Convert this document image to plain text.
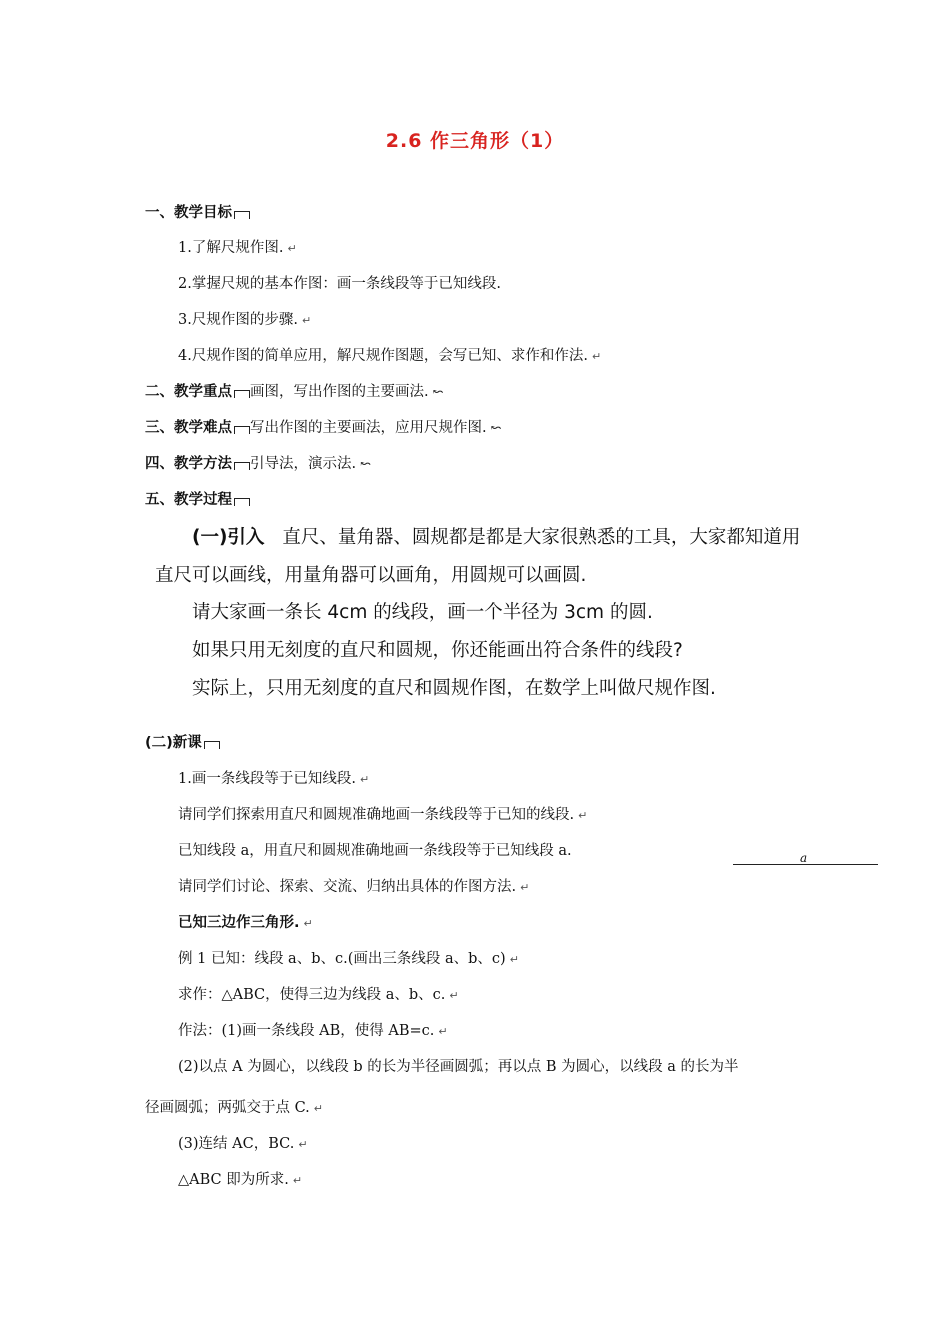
2.6 作三角形（1）
一、教学目标
1.了解尺规作图. ↵
2.掌握尺规的基本作图：画一条线段等于已知线段.
3.尺规作图的步骤. ↵
4.尺规作图的简单应用，解尺规作图题，会写已知、求作和作法. ↵
二、教学重点 画图，写出作图的主要画法. ↜
三、教学难点 写出作图的主要画法，应用尺规作图. ↜
四、教学方法 引导法，演示法. ↜
五、教学过程
(一)引入 直尺、量角器、圆规都是都是大家很熟悉的工具，大家都知道用
直尺可以画线，用量角器可以画角，用圆规可以画圆.
请大家画一条长 4cm 的线段，画一个半径为 3cm 的圆.
如果只用无刻度的直尺和圆规，你还能画出符合条件的线段?
实际上，只用无刻度的直尺和圆规作图，在数学上叫做尺规作图.
(二)新课
1.画一条线段等于已知线段. ↵
请同学们探索用直尺和圆规准确地画一条线段等于已知的线段. ↵
已知线段 a，用直尺和圆规准确地画一条线段等于已知线段 a.
请同学们讨论、探索、交流、归纳出具体的作图方法. ↵
已知三边作三角形. ↵
例 1 已知：线段 a、b、c.(画出三条线段 a、b、c) ↵
求作：△ABC，使得三边为线段 a、b、c. ↵
作法：(1)画一条线段 AB，使得 AB=c. ↵
(2)以点 A 为圆心，以线段 b 的长为半径画圆弧；再以点 B 为圆心，以线段 a 的长为半
径画圆弧；两弧交于点 C. ↵
(3)连结 AC，BC. ↵
△ABC 即为所求. ↵
a
